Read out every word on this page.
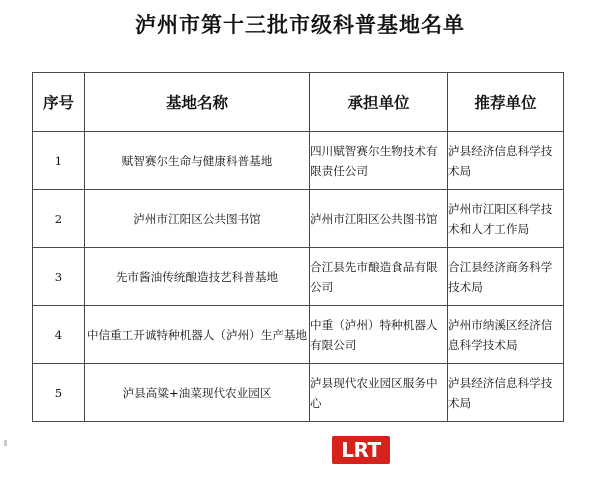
泸州市第十三批市级科普基地名单
序号	基地名称	承担单位	推荐单位
1	赋智赛尔生命与健康科普基地	四川赋智赛尔生物技术有限责任公司	泸县经济信息科学技术局
2	泸州市江阳区公共图书馆	泸州市江阳区公共图书馆	泸州市江阳区科学技术和人才工作局
3	先市酱油传统酿造技艺科普基地	合江县先市酿造食品有限公司	合江县经济商务科学技术局
4	中信重工开诚特种机器人（泸州）生产基地	中重（泸州）特种机器人有限公司	泸州市纳溪区经济信息科学技术局
5	泸县高粱+油菜现代农业园区	泸县现代农业园区服务中心	泸县经济信息科学技术局
LRT
